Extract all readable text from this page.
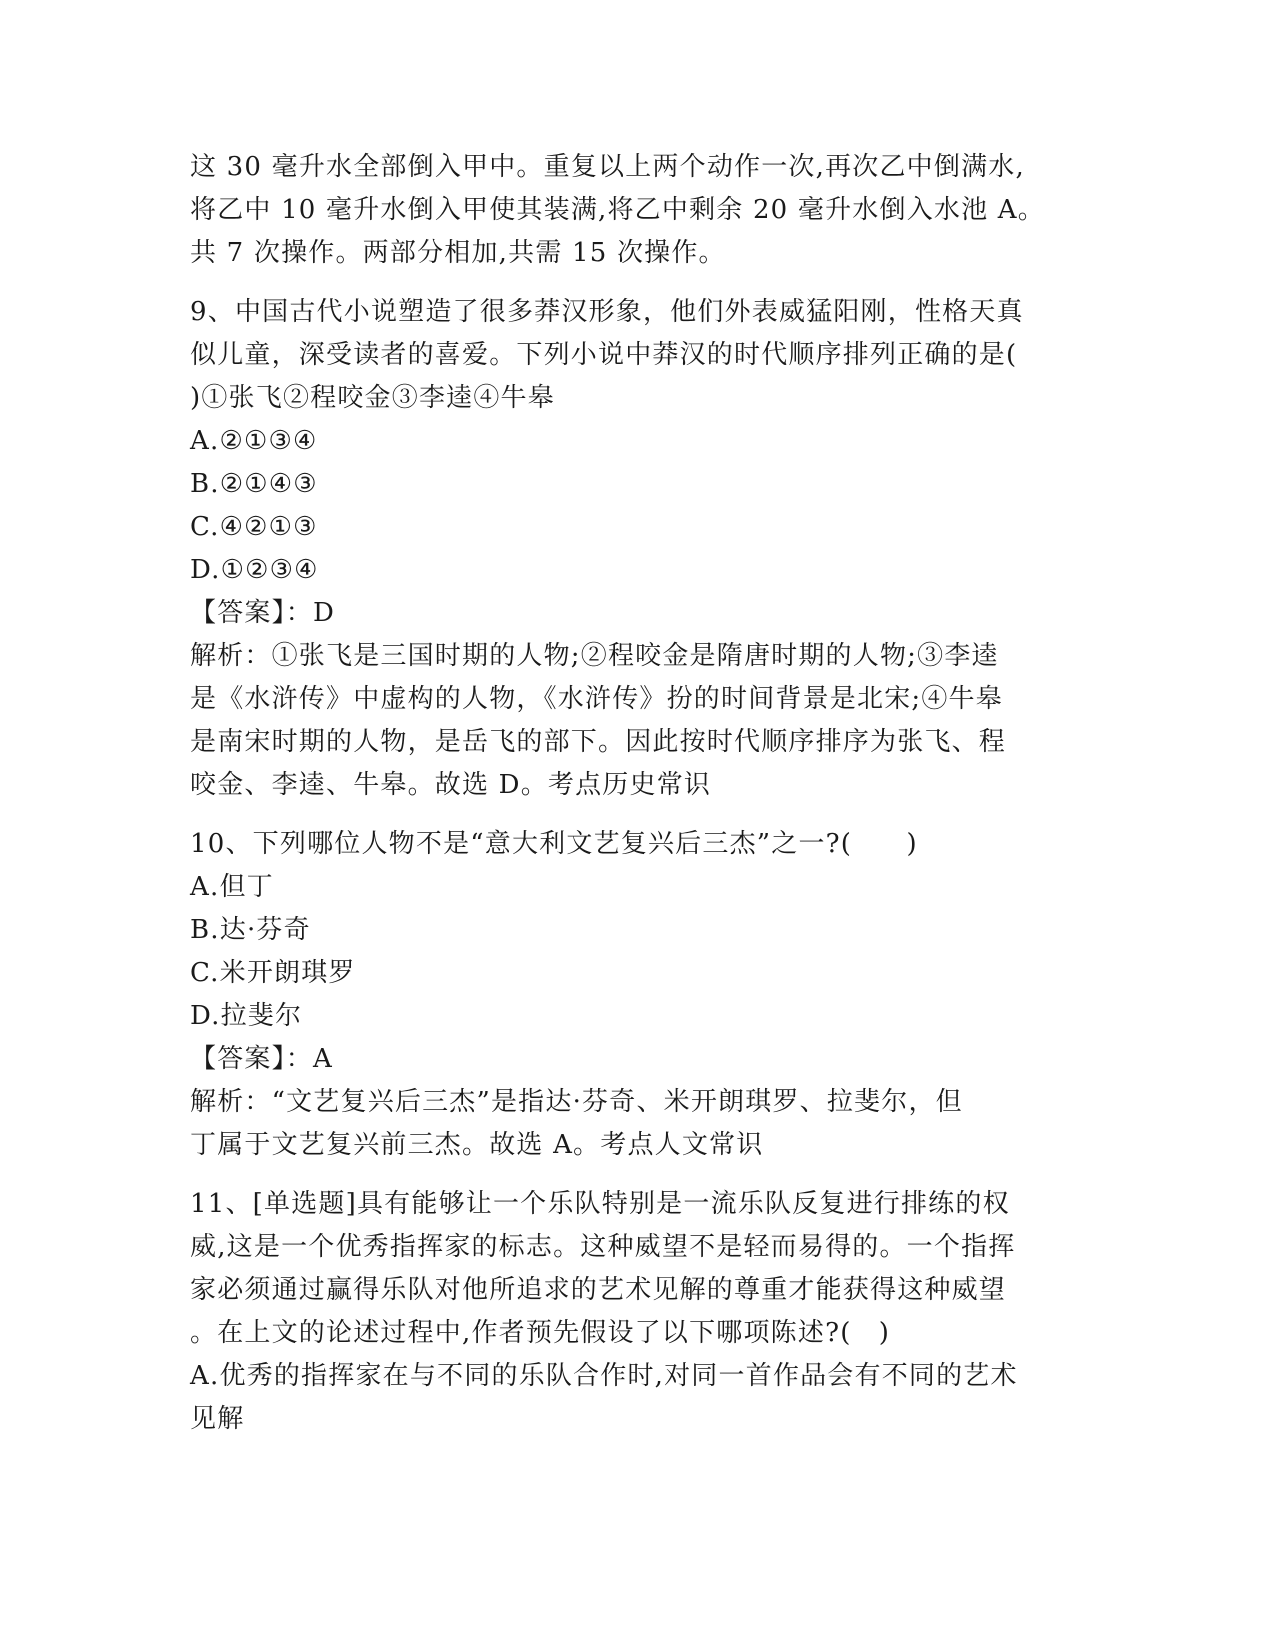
这 30 毫升水全部倒入甲中。重复以上两个动作一次,再次乙中倒满水,
将乙中 10 毫升水倒入甲使其装满,将乙中剩余 20 毫升水倒入水池 A。
共 7 次操作。两部分相加,共需 15 次操作。
9、中国古代小说塑造了很多莽汉形象，他们外表威猛阳刚，性格天真
似儿童，深受读者的喜爱。下列小说中莽汉的时代顺序排列正确的是(
)①张飞②程咬金③李逵④牛皋
A.②①③④
B.②①④③
C.④②①③
D.①②③④
【答案】：D
解析：①张飞是三国时期的人物;②程咬金是隋唐时期的人物;③李逵
是《水浒传》中虚构的人物，《水浒传》扮的时间背景是北宋;④牛皋
是南宋时期的人物，是岳飞的部下。因此按时代顺序排序为张飞、程
咬金、李逵、牛皋。故选 D。考点历史常识
10、下列哪位人物不是“意大利文艺复兴后三杰”之一?(　　)
A.但丁
B.达·芬奇
C.米开朗琪罗
D.拉斐尔
【答案】：A
解析：“文艺复兴后三杰”是指达·芬奇、米开朗琪罗、拉斐尔，但
丁属于文艺复兴前三杰。故选 A。考点人文常识
11、[单选题]具有能够让一个乐队特别是一流乐队反复进行排练的权
威,这是一个优秀指挥家的标志。这种威望不是轻而易得的。一个指挥
家必须通过赢得乐队对他所追求的艺术见解的尊重才能获得这种威望
。在上文的论述过程中,作者预先假设了以下哪项陈述?(　)
A.优秀的指挥家在与不同的乐队合作时,对同一首作品会有不同的艺术
见解
